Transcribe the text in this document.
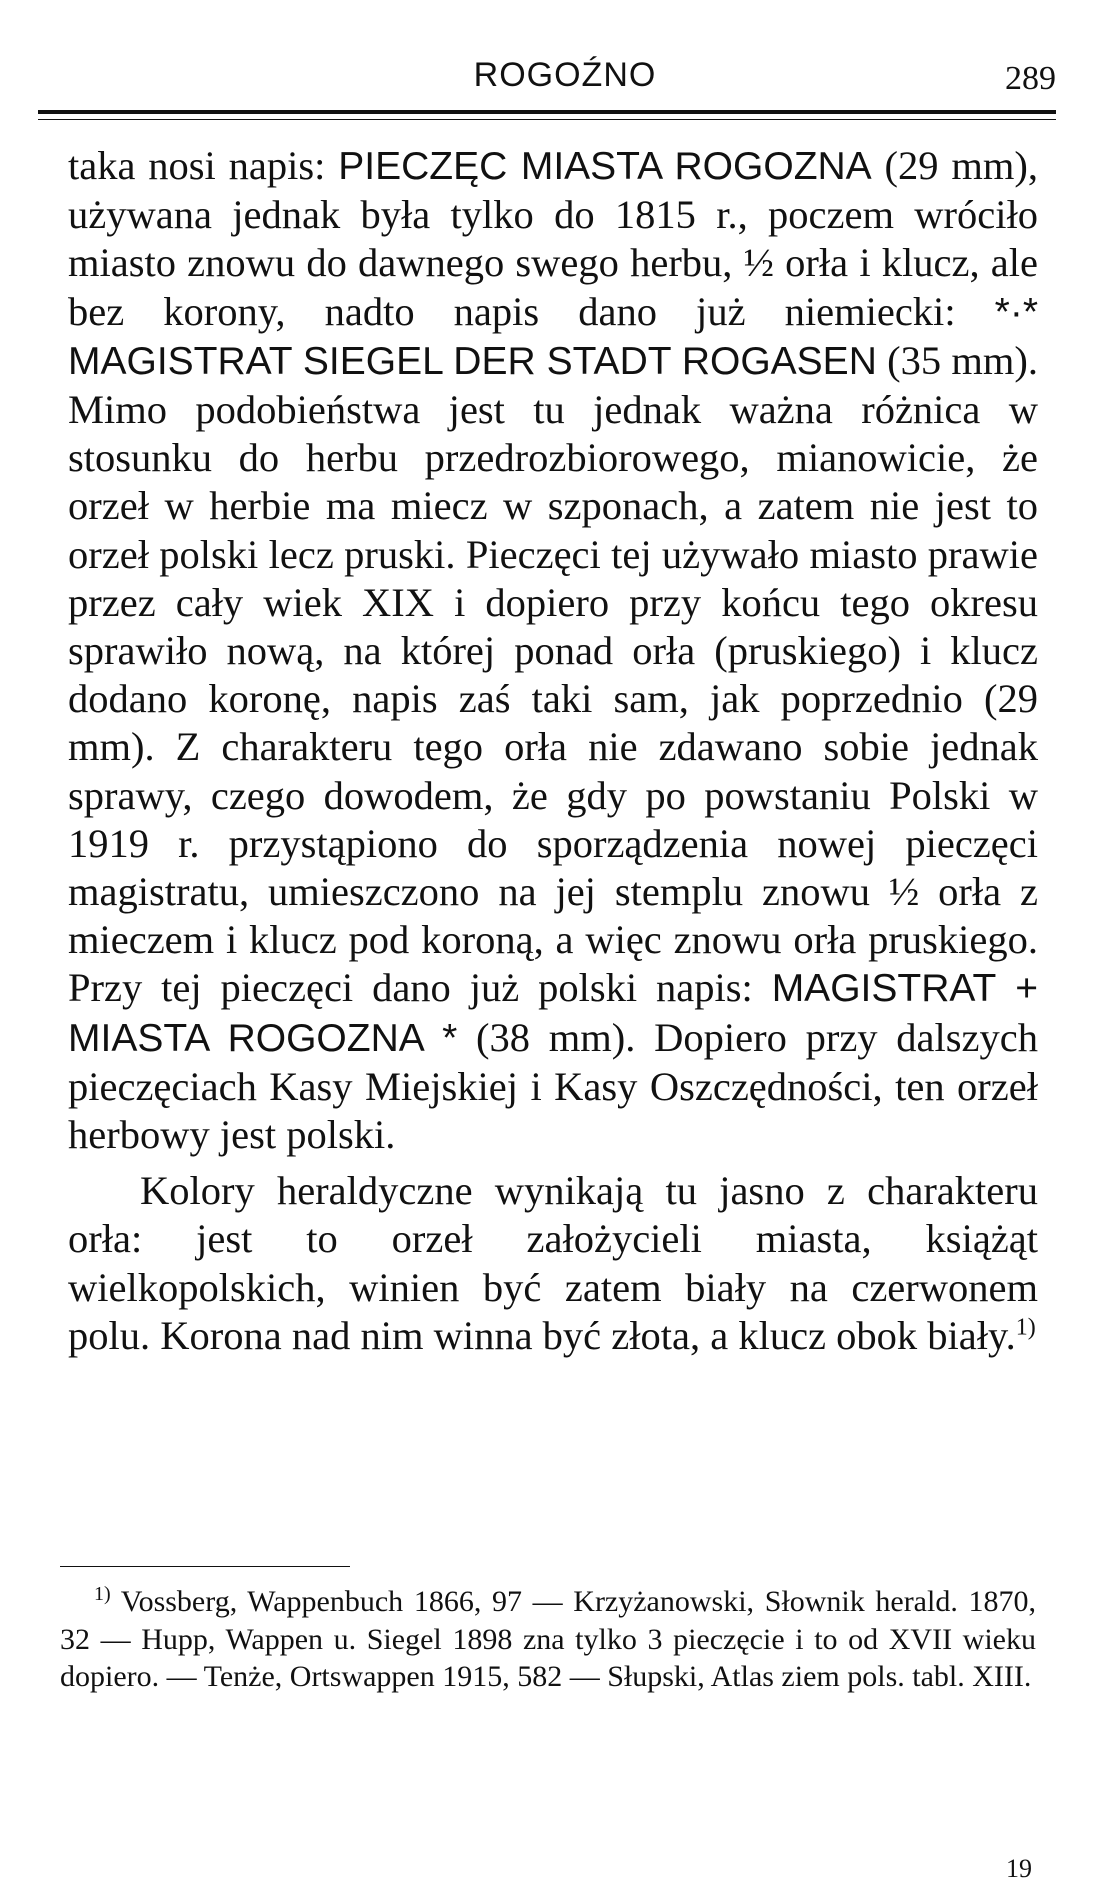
ROGOŹNO	289

taka nosi napis: PIECZĘC MIASTA ROGOZNA (29 mm), używana jednak była tylko do 1815 r., poczem wróciło miasto znowu do dawnego swego herbu, ½ orła i klucz, ale bez korony, nadto napis dano już niemiecki: *·* MAGISTRAT SIEGEL DER STADT ROGASEN (35 mm). Mimo podobieństwa jest tu jednak ważna różnica w stosunku do herbu przedrozbiorowego, mianowicie, że orzeł w herbie ma miecz w szponach, a zatem nie jest to orzeł polski lecz pruski. Pieczęci tej używało miasto prawie przez cały wiek XIX i dopiero przy końcu tego okresu sprawiło nową, na której ponad orła (pruskiego) i klucz dodano koronę, napis zaś taki sam, jak poprzednio (29 mm). Z charakteru tego orła nie zdawano sobie jednak sprawy, czego dowodem, że gdy po powstaniu Polski w 1919 r. przystąpiono do sporządzenia nowej pieczęci magistratu, umieszczono na jej stemplu znowu ½ orła z mieczem i klucz pod koroną, a więc znowu orła pruskiego. Przy tej pieczęci dano już polski napis: MAGISTRAT + MIASTA ROGOZNA * (38 mm). Dopiero przy dalszych pieczęciach Kasy Miejskiej i Kasy Oszczędności, ten orzeł herbowy jest polski.

Kolory heraldyczne wynikają tu jasno z charakteru orła: jest to orzeł założycieli miasta, książąt wielkopolskich, winien być zatem biały na czerwonem polu. Korona nad nim winna być złota, a klucz obok biały.$^{1)}$

$^{1)}$ Vossberg, Wappenbuch 1866, 97 — Krzyżanowski, Słownik herald. 1870, 32 — Hupp, Wappen u. Siegel 1898 zna tylko 3 pieczęcie i to od XVII wieku dopiero. — Tenże, Ortswappen 1915, 582 — Słupski, Atlas ziem pols. tabl. XIII.

19
